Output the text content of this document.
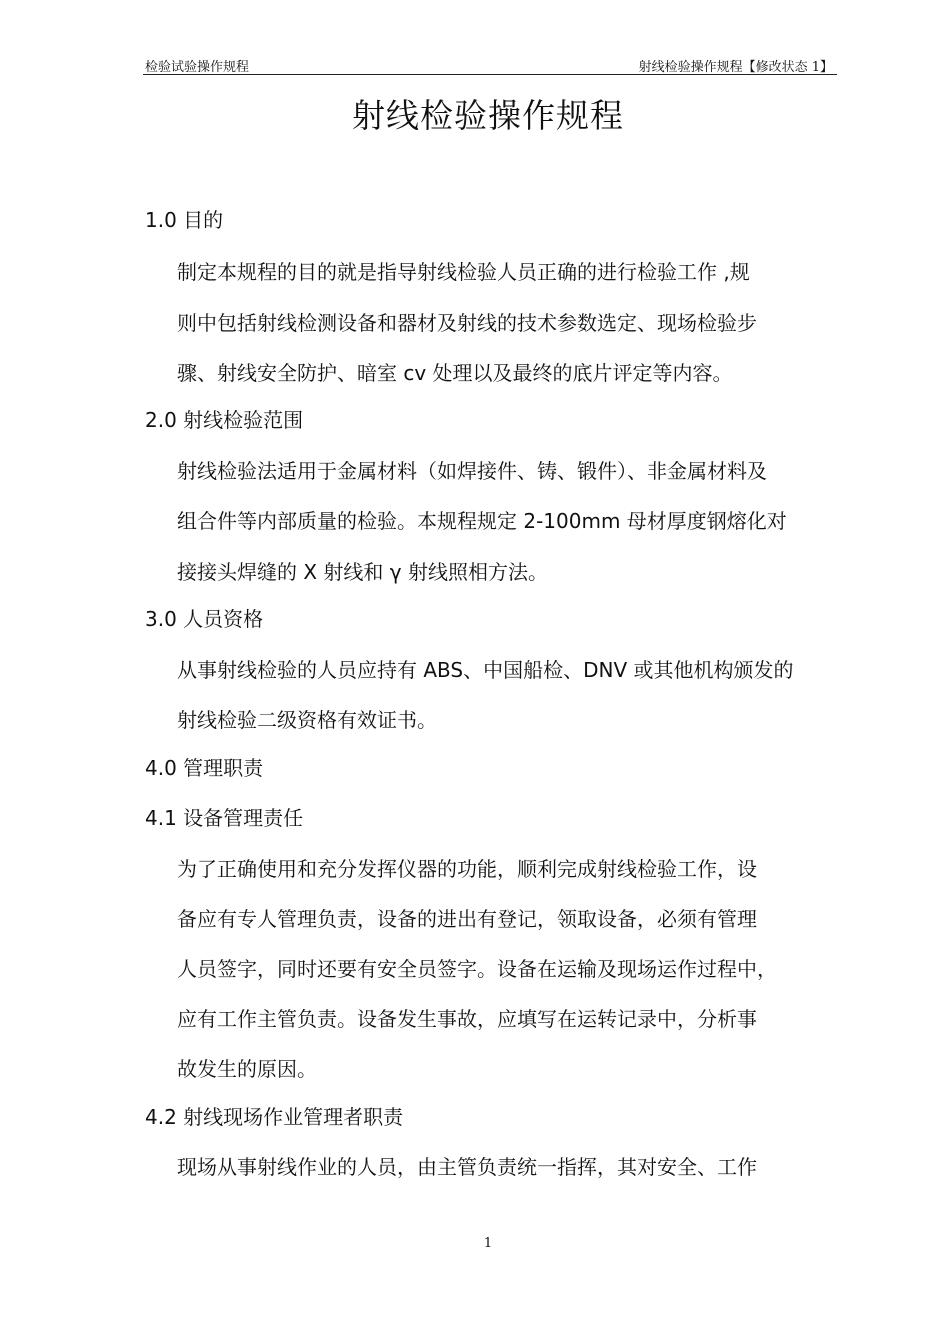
检验试验操作规程	射线检验操作规程【修改状态 1】
射线检验操作规程
1.0 目的
制定本规程的目的就是指导射线检验人员正确的进行检验工作 ,规
则中包括射线检测设备和器材及射线的技术参数选定、现场检验步
骤、射线安全防护、暗室 cv 处理以及最终的底片评定等内容。
2.0 射线检验范围
射线检验法适用于金属材料（如焊接件、铸、锻件）、非金属材料及
组合件等内部质量的检验。本规程规定 2-100mm 母材厚度钢熔化对
接接头焊缝的 X 射线和 γ 射线照相方法。
3.0 人员资格
从事射线检验的人员应持有 ABS、中国船检、DNV 或其他机构颁发的
射线检验二级资格有效证书。
4.0 管理职责
4.1 设备管理责任
为了正确使用和充分发挥仪器的功能，顺利完成射线检验工作，设
备应有专人管理负责，设备的进出有登记，领取设备，必须有管理
人员签字，同时还要有安全员签字。设备在运输及现场运作过程中，
应有工作主管负责。设备发生事故，应填写在运转记录中，分析事
故发生的原因。
4.2 射线现场作业管理者职责
现场从事射线作业的人员，由主管负责统一指挥，其对安全、工作
1
